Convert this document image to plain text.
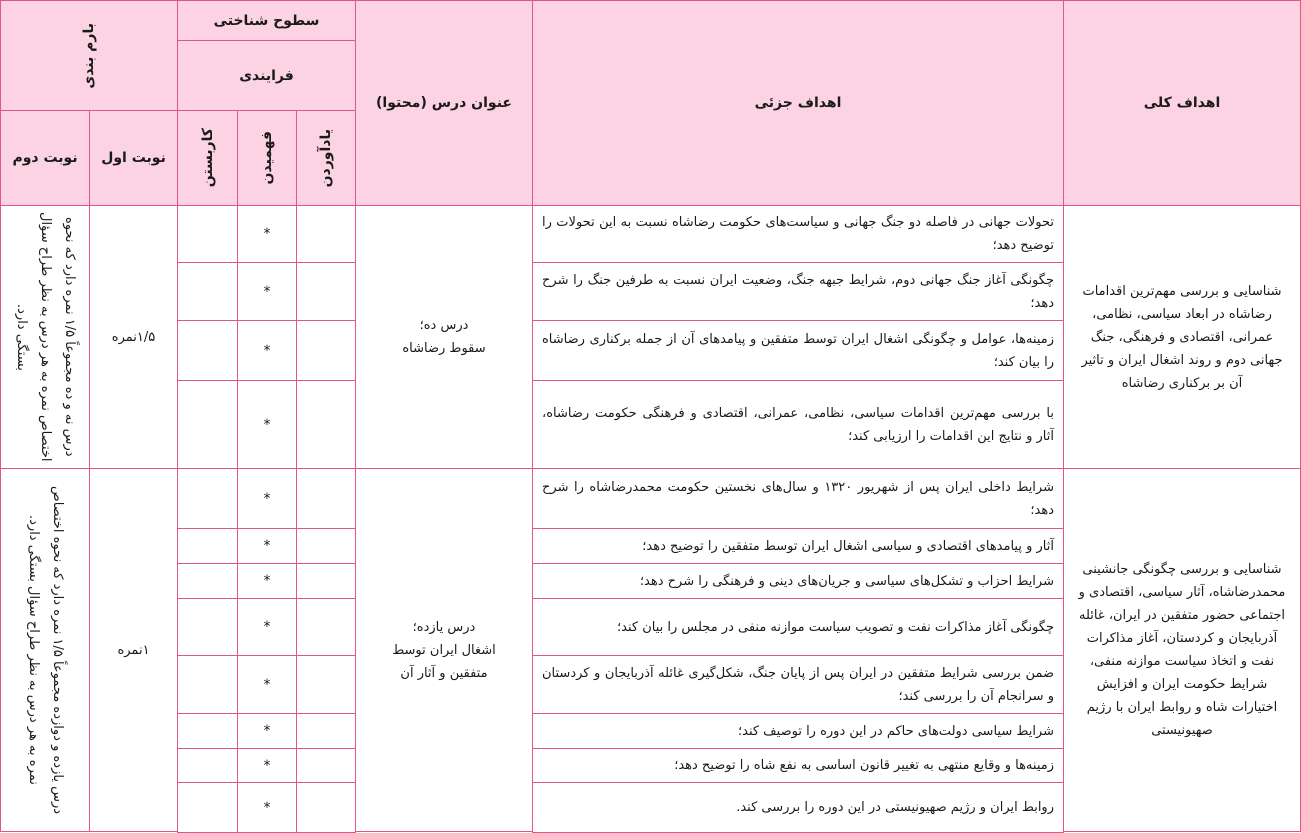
اهداف کلی
اهداف جزئی
عنوان درس (محتوا)
سطوح شناختی
فرایندی
یادآوردن
فهمیدن
کاربستن
بارم بندی
نوبت اول
نوبت دوم
شناسایی و بررسی مهم‌ترین اقدامات رضاشاه در ابعاد سیاسی، نظامی، عمرانی، اقتصادی و فرهنگی، جنگ جهانی دوم و روند اشغال ایران و تاثیر آن بر برکناری رضاشاه
درس ده؛
سقوط رضاشاه
۱/۵نمره
درس نه و ده مجموعاً ۱/۵ نمره دارد که نحوه اختصاص نمره به هر درس به نظر طراح سؤال بستگی دارد.
شناسایی و بررسی چگونگی جانشینی محمدرضاشاه، آثار سیاسی، اقتصادی و اجتماعی حضور متفقین در ایران، غائله آذربایجان و کردستان، آغاز مذاکرات نفت و اتخاذ سیاست موازنه منفی، شرایط حکومت ایران و افزایش اختیارات شاه و روابط ایران با رژیم صهیونیستی
درس یازده؛
اشغال ایران توسط متفقین و آثار آن
۱نمره
درس یازده و دوازده مجموعاً ۱/۵ نمره دارد که نحوه اختصاص نمره به هر درس به نظر طراح سؤال بستگی دارد.
تحولات جهانی در فاصله دو جنگ جهانی و سیاست‌های حکومت رضاشاه نسبت به این تحولات را توضیح دهد؛
*
چگونگی آغاز جنگ جهانی دوم، شرایط جبهه جنگ، وضعیت ایران نسبت به طرفین جنگ را شرح دهد؛
*
زمینه‌ها، عوامل و چگونگی اشغال ایران توسط متفقین و پیامدهای آن از جمله برکناری رضاشاه را بیان کند؛
*
با بررسی مهم‌ترین اقدامات سیاسی، نظامی، عمرانی، اقتصادی و فرهنگی حکومت رضاشاه، آثار و نتایج این اقدامات را ارزیابی کند؛
*
شرایط داخلی ایران پس از شهریور ۱۳۲۰ و سال‌های نخستین حکومت محمدرضاشاه را شرح دهد؛
*
آثار و پیامدهای اقتصادی و سیاسی اشغال ایران توسط متفقین را توضیح دهد؛
*
شرایط احزاب و تشکل‌های سیاسی و جریان‌های دینی و فرهنگی را شرح دهد؛
*
چگونگی آغاز مذاکرات نفت و تصویب سیاست موازنه منفی در مجلس را بیان کند؛
*
ضمن بررسی شرایط متفقین در ایران پس از پایان جنگ، شکل‌گیری غائله آذربایجان و کردستان و سرانجام آن را بررسی کند؛
*
شرایط سیاسی دولت‌های حاکم در این دوره را توصیف کند؛
*
زمینه‌ها و وقایع منتهی به تغییر قانون اساسی به نفع شاه را توضیح دهد؛
*
روابط ایران و رژیم صهیونیستی در این دوره را بررسی کند.
*
